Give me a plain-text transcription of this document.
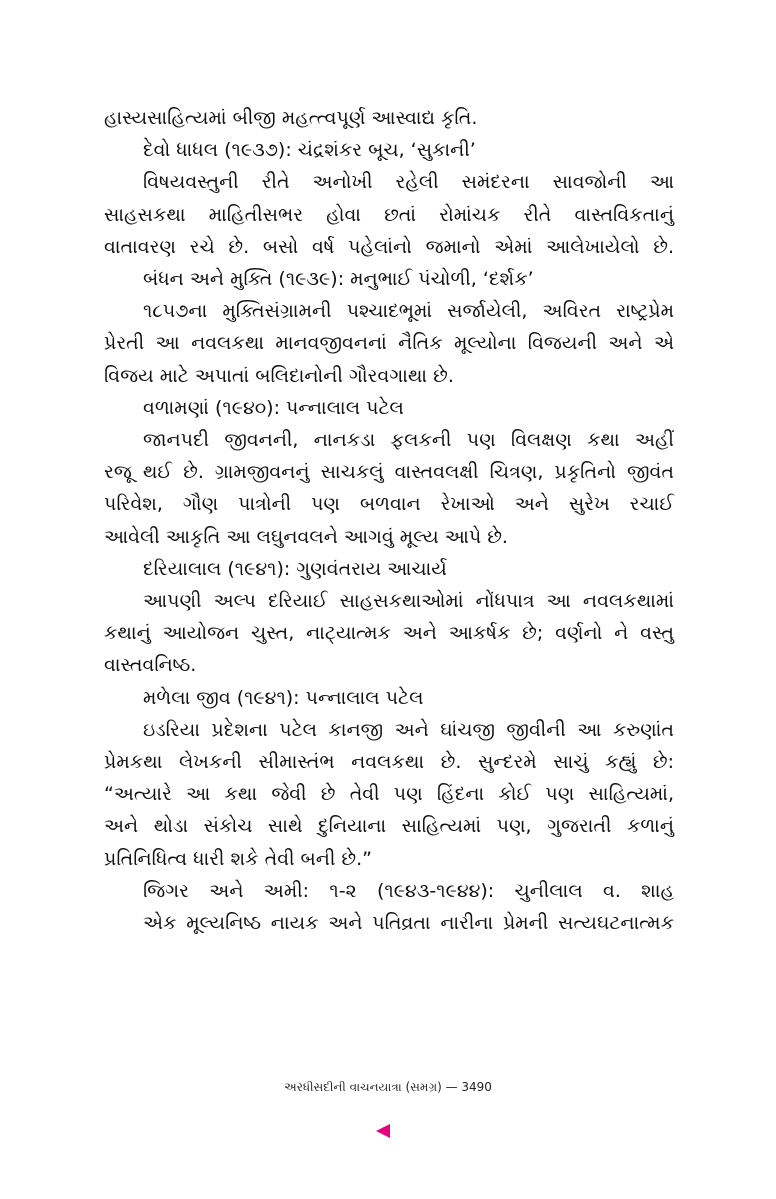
હાસ્યસાહિત્યમાં બીજી મહત્ત્વપૂર્ણ આસ્વાદ્ય કૃતિ.
દેવો ધાધલ (૧૯૩૭): ચંદ્રશંકર બૂચ, ‘સુકાની’
વિષયવસ્તુની રીતે અનોખી રહેલી સમંદરના સાવજોની આ
સાહસકથા માહિતીસભર હોવા છતાં રોમાંચક રીતે વાસ્તવિકતાનું
વાતાવરણ રચે છે. બસો વર્ષ પહેલાંનો જમાનો એમાં આલેખાયેલો છે.
બંધન અને મુક્તિ (૧૯૩૯): મનુભાઈ પંચોળી, ‘દર્શક’
૧૮૫૭ના મુક્તિસંગ્રામની પશ્ચાદભૂમાં સર્જાયેલી, અવિરત રાષ્ટ્રપ્રેમ
પ્રેરતી આ નવલકથા માનવજીવનનાં નૈતિક મૂલ્યોના વિજયની અને એ
વિજય માટે અપાતાં બલિદાનોની ગૌરવગાથા છે.
વળામણાં (૧૯૪૦): પન્નાલાલ પટેલ
જાનપદી જીવનની, નાનકડા ફલકની પણ વિલક્ષણ કથા અહીં
રજૂ થઈ છે. ગ્રામજીવનનું સાચકલું વાસ્તવલક્ષી ચિત્રણ, પ્રકૃતિનો જીવંત
પરિવેશ, ગૌણ પાત્રોની પણ બળવાન રેખાઓ અને સુરેખ રચાઈ
આવેલી આકૃતિ આ લઘુનવલને આગવું મૂલ્ય આપે છે.
દરિયાલાલ (૧૯૪૧): ગુણવંતરાય આચાર્ય
આપણી અલ્પ દરિયાઈ સાહસકથાઓમાં નોંધપાત્ર આ નવલકથામાં
કથાનું આયોજન ચુસ્ત, નાટ્યાત્મક અને આકર્ષક છે; વર્ણનો ને વસ્તુ
વાસ્તવનિષ્ઠ.
મળેલા જીવ (૧૯૪૧): પન્નાલાલ પટેલ
ઇડરિયા પ્રદેશના પટેલ કાનજી અને ઘાંચજી જીવીની આ કરુણાંત
પ્રેમકથા લેખકની સીમાસ્તંભ નવલકથા છે. સુન્દરમે સાચું કહ્યું છે:
“અત્યારે આ કથા જેવી છે તેવી પણ હિંદના કોઈ પણ સાહિત્યમાં,
અને થોડા સંકોચ સાથે દુનિયાના સાહિત્યમાં પણ, ગુજરાતી કળાનું
પ્રતિનિધિત્વ ધારી શકે તેવી બની છે.”
જિગર અને અમી: ૧-૨ (૧૯૪૩-૧૯૪૪): ચુનીલાલ વ. શાહ
એક મૂલ્યનિષ્ઠ નાયક અને પતિવ્રતા નારીના પ્રેમની સત્યઘટનાત્મક
અરધીસદીની વાચનયાત્રા (સમગ્ર) — 3490
